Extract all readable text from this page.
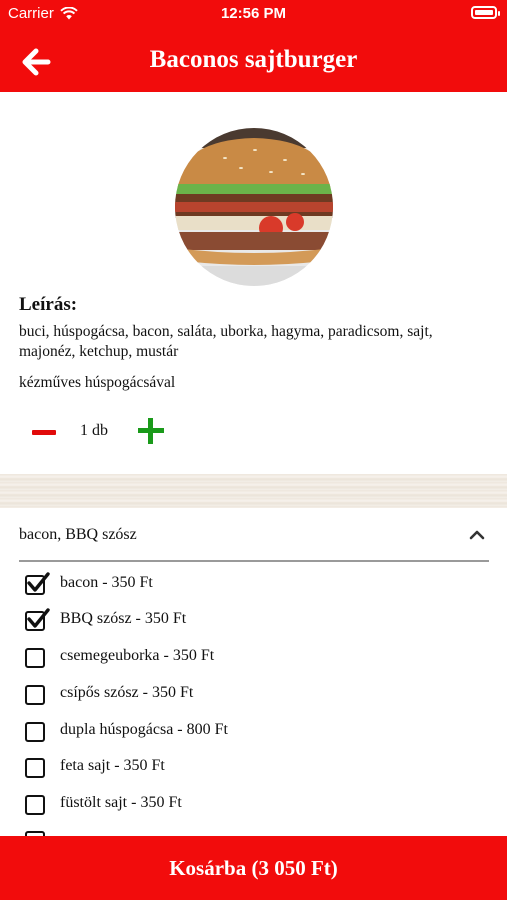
Carrier	12:56 PM
Baconos sajtburger
Leírás:
buci, húspogácsa, bacon, saláta, uborka, hagyma, paradicsom, sajt, majonéz, ketchup, mustár
kézműves húspogácsával
1 db
bacon, BBQ szósz
bacon - 350 Ft
BBQ szósz - 350 Ft
csemegeuborka - 350 Ft
csípős szósz - 350 Ft
dupla húspogácsa - 800 Ft
feta sajt - 350 Ft
füstölt sajt - 350 Ft
Kosárba (3 050 Ft)
